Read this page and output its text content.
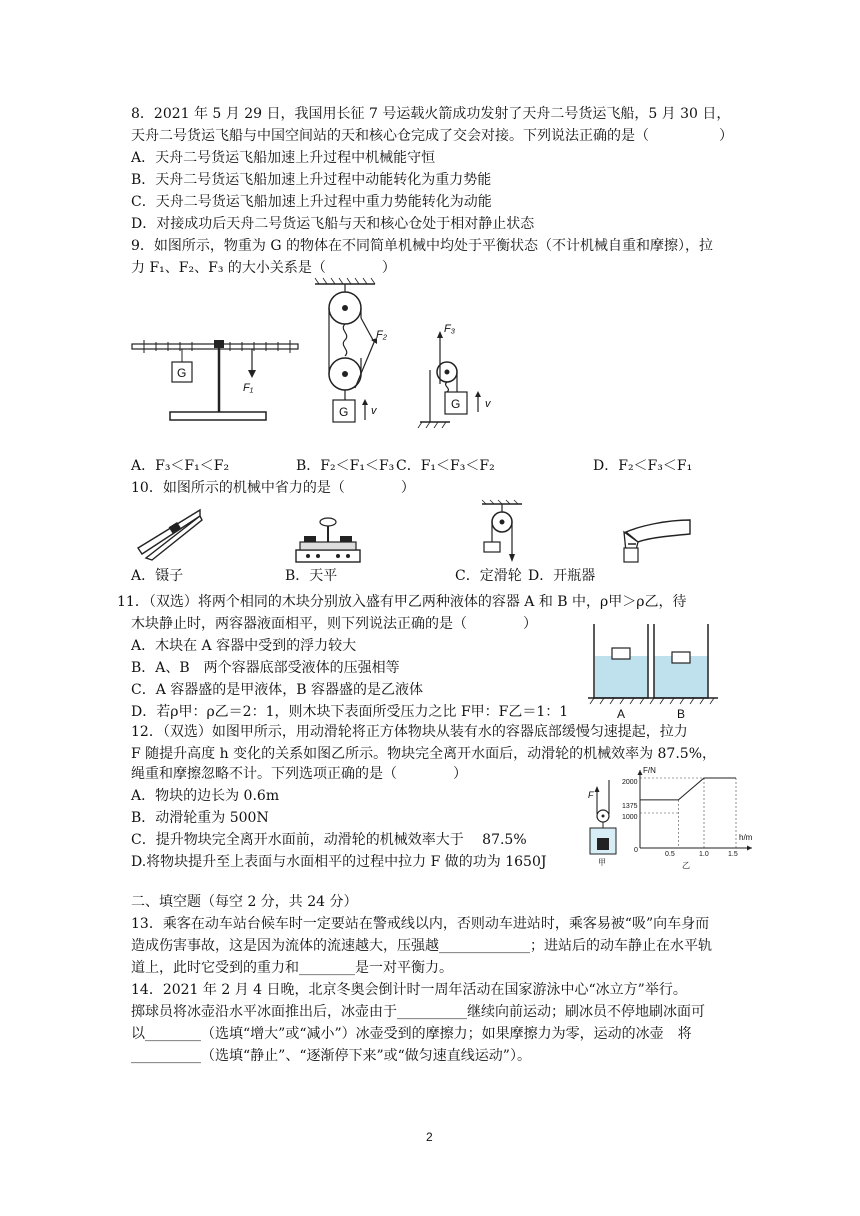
8．2021 年 5 月 29 日，我国用长征 7 号运载火箭成功发射了天舟二号货运飞船，5 月 30 日，
天舟二号货运飞船与中国空间站的天和核心仓完成了交会对接。下列说法正确的是（　　　　　）
A．天舟二号货运飞船加速上升过程中机械能守恒
B．天舟二号货运飞船加速上升过程中动能转化为重力势能
C．天舟二号货运飞船加速上升过程中重力势能转化为动能
D．对接成功后天舟二号货运飞船与天和核心仓处于相对静止状态
9．如图所示，物重为 G 的物体在不同简单机械中均处于平衡状态（不计机械自重和摩擦），拉
力 F₁、F₂、F₃ 的大小关系是（　　　　）
G
F₁
F₂
G v
F₃
G v
A．F₃＜F₁＜F₂	B．F₂＜F₁＜F₃ C．F₁＜F₃＜F₂	D．F₂＜F₃＜F₁
10．如图所示的机械中省力的是（　　　　）
A．镊子	B．天平	C．定滑轮 D．开瓶器
11．（双选）将两个相同的木块分别放入盛有甲乙两种液体的容器 A 和 B 中，ρ甲＞ρ乙，待
木块静止时，两容器液面相平，则下列说法正确的是（　　　　）
A．木块在 A 容器中受到的浮力较大
B．A、B　两个容器底部受液体的压强相等
C．A 容器盛的是甲液体，B 容器盛的是乙液体
D．若ρ甲：ρ乙＝2：1，则木块下表面所受压力之比 F甲：F乙＝1：1	A	B
12．（双选）如图甲所示，用动滑轮将正方体物块从装有水的容器底部缓慢匀速提起，拉力
F 随提升高度 h 变化的关系如图乙所示。物块完全离开水面后，动滑轮的机械效率为 87.5%，
绳重和摩擦忽略不计。下列选项正确的是（　　　　）
A．物块的边长为 0.6m
B．动滑轮重为 500N
C．提升物块完全离开水面前，动滑轮的机械效率大于　 87.5%
D.将物块提升至上表面与水面相平的过程中拉力 F 做的功为 1650J
F
甲
F/N
h/m
2000
1375
1000
0
0.5	1.0	1.5
乙
二、填空题（每空 2 分，共 24 分）
13．乘客在动车站台候车时一定要站在警戒线以内，否则动车进站时，乘客易被“吸”向车身而
造成伤害事故，这是因为流体的流速越大，压强越_____________；进站后的动车静止在水平轨
道上，此时它受到的重力和________是一对平衡力。
14．2021 年 2 月 4 日晚，北京冬奥会倒计时一周年活动在国家游泳中心“冰立方”举行。
掷球员将冰壶沿水平冰面推出后，冰壶由于__________继续向前运动；刷冰员不停地刷冰面可
以________（选填“增大”或“减小”）冰壶受到的摩擦力；如果摩擦力为零，运动的冰壶　将
__________（选填“静止”、“逐渐停下来”或“做匀速直线运动”）。
2
